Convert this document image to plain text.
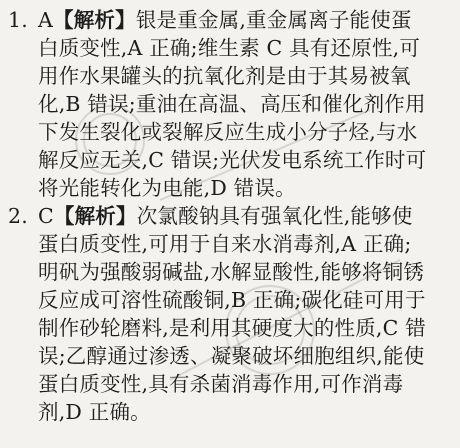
1. A【解析】银是重金属,重金属离子能使蛋
白质变性,A 正确;维生素 C 具有还原性,可
用作水果罐头的抗氧化剂是由于其易被氧
化,B 错误;重油在高温、高压和催化剂作用
下发生裂化或裂解反应生成小分子烃,与水
解反应无关,C 错误;光伏发电系统工作时可
将光能转化为电能,D 错误。
2. C【解析】次氯酸钠具有强氧化性,能够使
蛋白质变性,可用于自来水消毒剂,A 正确;
明矾为强酸弱碱盐,水解显酸性,能够将铜锈
反应成可溶性硫酸铜,B 正确;碳化硅可用于
制作砂轮磨料,是利用其硬度大的性质,C 错
误;乙醇通过渗透、凝聚破坏细胞组织,能使
蛋白质变性,具有杀菌消毒作用,可作消毒
剂,D 正确。
